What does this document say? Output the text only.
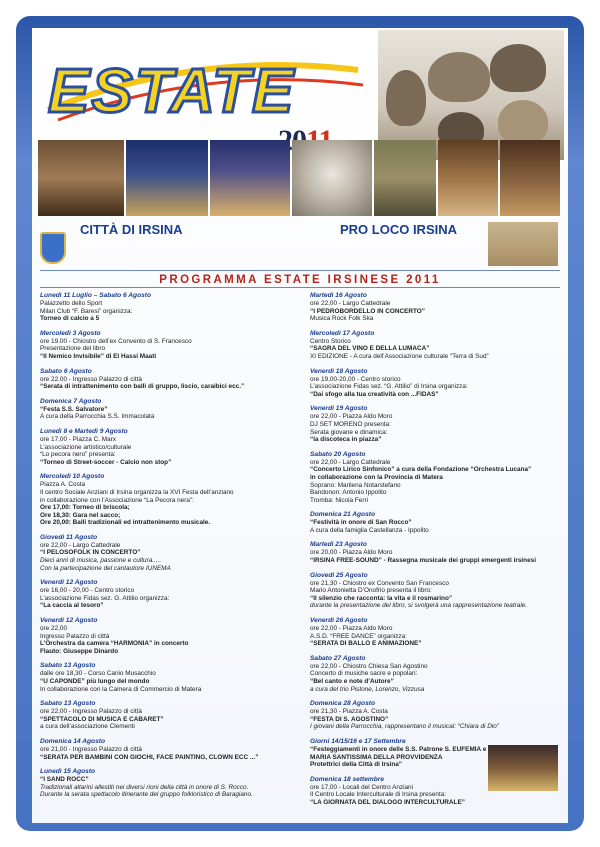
ESTATE
CITTÀ DI IRSINA	PRO LOCO IRSINA
PROGRAMMA ESTATE IRSINESE 2011
Lunedì 11 Luglio – Sabato 6 Agosto
Palazzetto dello Sport
Milan Club “F. Baresi” organizza:
Torneo di calcio a 5
Mercoledì 3 Agosto
ore 19.00 - Chiostro dell’ex Convento di S. Francesco
Presentazione del libro
“Il Nemico Invisibile” di El Hassi Maati
Sabato 6 Agosto
ore 22.00 - Ingresso Palazzo di città
“Serata di intrattenimento con balli di gruppo, liscio, caraibici ecc.”
Domenica 7 Agosto
“Festa S.S. Salvatore”
A cura della Parrocchia S.S. Immacolata
Lunedì 8 e Martedì 9 Agosto
ore 17,00 - Piazza C. Marx
L’associazione artistico/culturale
“Lo pecora nero” presenta:
“Torneo di Street-soccer - Calcio non stop”
Mercoledì 10 Agosto
Piazza A. Costa
Il centro Sociale Anziani di Irsina organizza la XVI Festa dell’anziano
in collaborazione con l’Associazione “La Pecora nera”:
Ore 17,00: Torneo di briscola;
Ore 18,30: Gara nel sacco;
Ore 20,00: Balli tradizionali ed intrattenimento musicale.
Giovedì 11 Agosto
ore 22,00 - Largo Cattedrale
“I PELOSOFOLK IN CONCERTO”
Dieci anni di musica, passione e cultura.....
Con la partecipazione del cantautore IUNEMA
Venerdì 12 Agosto
ore 16,00 - 20,00 - Centro storico
L’associazione Fidas sez. G. Attilio organizza:
“La caccia al tesoro”
Venerdì 12 Agosto
ore 22,00
Ingresso Palazzo di città
L’Orchestra da camera “HARMONIA” in concerto
Flauto: Giuseppe Dinardo
Sabato 13 Agosto
dalle ore 18,30 - Corso Canio Musacchio
“U CAPONDE” più lungo del mondo
In collaborazione con la Camera di Commercio di Matera
Sabato 13 Agosto
ore 22,00 - Ingresso Palazzo di città
“SPETTACOLO DI MUSICA E CABARET”
a cura dell’associazione Clementi
Domenica 14 Agosto
ore 21,00 - Ingresso Palazzo di città
“SERATA PER BAMBINI CON GIOCHI, FACE PAINTING, CLOWN ECC ...”
Lunedì 15 Agosto
“I SAND ROCC”
Tradizionali altarini allestiti nei diversi rioni della città in onore di S. Rocco.
Durante la serata spettacolo itinerante del gruppo folkloristico di Baragiano.
Martedì 16 Agosto
ore 22,00 - Largo Cattedrale
“I PEDROBORDELLO IN CONCERTO”
Musica Rock Folk Ska
Mercoledì 17 Agosto
Centro Storico
“SAGRA DEL VINO E DELLA LUMACA”
XI EDIZIONE - A cura dell’Associazione culturale “Terra di Sud”
Venerdì 18 Agosto
ore 19,00-20,00 - Centro storico
L’associazione Fidas sez. “G. Attilio” di Irsina organizza:
“Dai sfogo alla tua creatività con ...FIDAS”
Venerdì 19 Agosto
ore 22,00 - Piazza Aldo Moro
DJ SET MORENO presenta:
Serata giovane e dinamica:
“la discoteca in piazza”
Sabato 20 Agosto
ore 22,00 - Largo Cattedrale
“Concerto Lirico Sinfonico” a cura della Fondazione “Orchestra Lucana”
in collaborazione con la Provincia di Matera
Soprano: Marilena Notarstefano
Bandonon: Antonio Ippolito
Tromba: Nicola Ferri
Domenica 21 Agosto
“Festività in onore di San Rocco”
A cura della famiglia Castellanza - Ippolito
Martedì 23 Agosto
ore 20,00 - Piazza Aldo Moro
“IRSINA FREE-SOUND” - Rassegna musicale dei gruppi emergenti irsinesi
Giovedì 25 Agosto
ore 21,30 - Chiostro ex Convento San Francesco
Mario Antonietta D’Onofrio presenta il libro:
“Il silenzio che racconta: la vita e il rosmarino”
durante la presentazione del libro, si svolgerà una rappresentazione teatrale.
Venerdì 26 Agosto
ore 22,00 - Piazza Aldo Moro
A.S.D. “FREE DANCE” organizza:
“SERATA DI BALLO E ANIMAZIONE”
Sabato 27 Agosto
ore 22,00 - Chiostro Chiesa San Agostino
Concerto di musiche sacre e popolari:
“Bel canto e note d’Autore”
a cura del trio Pistone, Lorenzo, Vizzusa
Domenica 28 Agosto
ore 21,30 - Piazza A. Costa
“FESTA DI S. AGOSTINO”
I giovani della Parrocchia, rappresentano il musical: “Chiara di Dio”
Giorni 14/15/16 e 17 Settembre
“Festeggiamenti in onore delle S.S. Patrone S. EUFEMIA e
MARIA SANTISSIMA DELLA PROVVIDENZA
Protettrici della Città di Irsina”
Domenica 18 settembre
ore 17,00 - Locali del Centro Anziani
Il Centro Locale Interculturale di Irsina presenta:
“LA GIORNATA DEL DIALOGO INTERCULTURALE”
